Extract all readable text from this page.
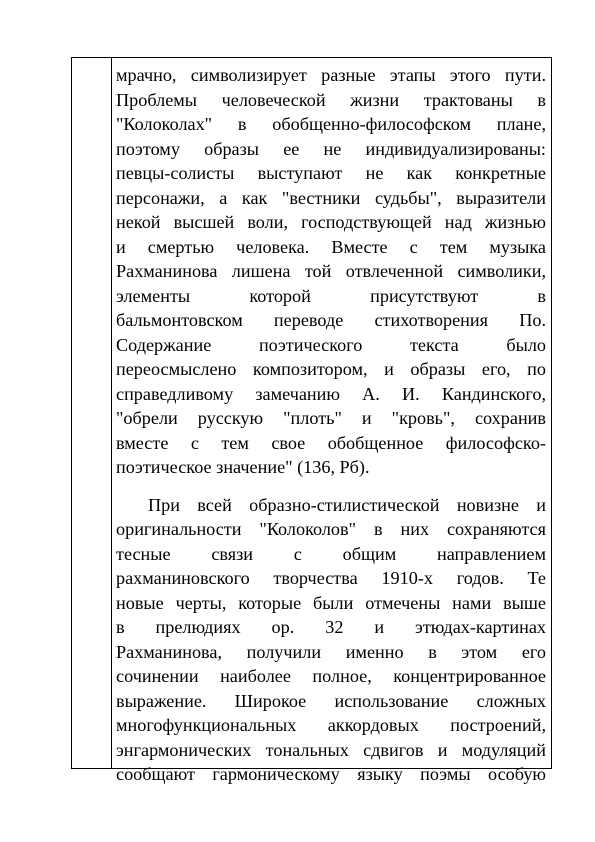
мрачно, символизирует разные этапы этого пути.
Проблемы человеческой жизни трактованы в
"Колоколах" в обобщенно-философском плане,
поэтому образы ее не индивидуализированы:
певцы-солисты выступают не как конкретные
персонажи, а как "вестники судьбы", выразители
некой высшей воли, господствующей над жизнью
и смертью человека. Вместе с тем музыка
Рахманинова лишена той отвлеченной символики,
элементы которой присутствуют в
бальмонтовском переводе стихотворения По.
Содержание поэтического текста было
переосмыслено композитором, и образы его, по
справедливому замечанию А. И. Кандинского,
"обрели русскую "плоть" и "кровь", сохранив
вместе с тем свое обобщенное философско-
поэтическое значение" (136, Рб).

При всей образно-стилистической новизне и
оригинальности "Колоколов" в них сохраняются
тесные связи с общим направлением
рахманиновского творчества 1910-х годов. Те
новые черты, которые были отмечены нами выше
в прелюдиях ор. 32 и этюдах-картинах
Рахманинова, получили именно в этом его
сочинении наиболее полное, концентрированное
выражение. Широкое использование сложных
многофункциональных аккордовых построений,
энгармонических тональных сдвигов и модуляций
сообщают гармоническому языку поэмы особую
